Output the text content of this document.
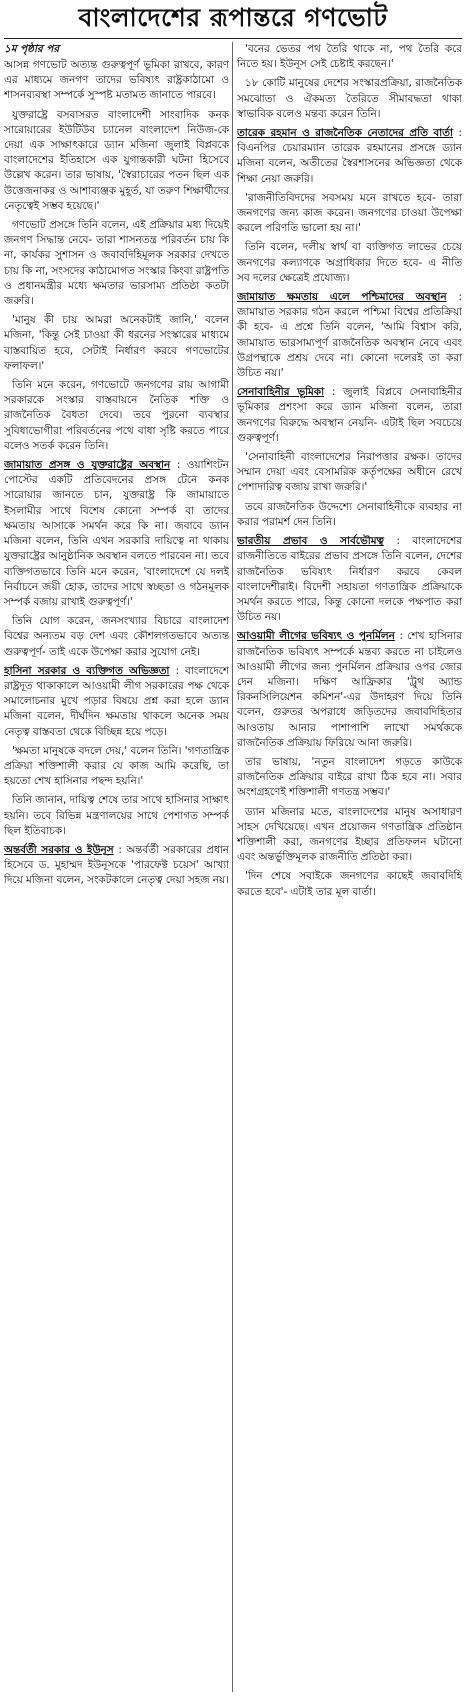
বাংলাদেশের রূপান্তরে গণভোট
১ম পৃষ্ঠার পর

আসন্ন গণভোট অত্যন্ত গুরুত্বপূর্ণ ভূমিকা রাখবে, কারণ এর মাধ্যমে জনগণ তাদের ভবিষ্যৎ রাষ্ট্রকাঠামো ও শাসনব্যবস্থা সম্পর্কে সুস্পষ্ট মতামত জানাতে পারবে।

যুক্তরাষ্ট্রে বসবাসরত বাংলাদেশী সাংবাদিক কনক সারোয়ারের ইউটিউব চ্যানেল বাংলাদেশ নিউজ-কে দেয়া এক সাক্ষাৎকারে ড্যান মজিনা জুলাই বিপ্লবকে বাংলাদেশের ইতিহাসে এক যুগান্তকারী ঘটনা হিসেবে উল্লেখ করেন। তার ভাষায়, 'স্বৈরাচারের পতন ছিল এক উত্তেজনাকর ও আশাব্যঞ্জক মুহূর্ত, যা তরুণ শিক্ষার্থীদের নেতৃত্বেই সম্ভব হয়েছে।'

গণভোট প্রসঙ্গে তিনি বলেন, এই প্রক্রিয়ার মধ্য দিয়েই জনগণ সিদ্ধান্ত নেবে- তারা শাসনতন্ত্র পরিবর্তন চায় কি না, কার্যকর সুশাসন ও জবাবদিহিমূলক সরকার দেখতে চায় কি না, সংসদের কাঠামোগত সংস্কার কিংবা রাষ্ট্রপতি ও প্রধানমন্ত্রীর মধ্যে ক্ষমতার ভারসাম্য প্রতিষ্ঠা কতটা জরুরি।

'মানুষ কী চায় আমরা অনেকটাই জানি,' বলেন মজিনা, 'কিন্তু সেই চাওয়া কী ধরনের সংস্কারের মাধ্যমে বাস্তবায়িত হবে, সেটাই নির্ধারণ করবে গণভোটের ফলাফল।'

তিনি মনে করেন, গণভোটে জনগণের রায় আগামী সরকারকে সংস্কার বাস্তবায়নে নৈতিক শক্তি ও রাজনৈতিক বৈধতা দেবে। তবে পুরনো ব্যবস্থার সুবিধাভোগীরা পরিবর্তনের পথে বাধা সৃষ্টি করতে পারে বলেও সতর্ক করেন তিনি।

জামায়াত প্রসঙ্গ ও যুক্তরাষ্ট্রের অবস্থান : ওয়াশিংটন পোস্টের একটি প্রতিবেদনের প্রসঙ্গ টেনে কনক সারোয়ার জানতে চান, যুক্তরাষ্ট্র কি জামায়াতে ইসলামীর সাথে বিশেষ কোনো সম্পর্ক বা তাদের ক্ষমতায় আসাকে সমর্থন করে কি না। জবাবে ড্যান মজিনা বলেন, তিনি এখন সরকারি দায়িত্বে না থাকায় যুক্তরাষ্ট্রের আনুষ্ঠানিক অবস্থান বলতে পারবেন না। তবে ব্যক্তিগতভাবে তিনি মনে করেন, 'বাংলাদেশে যে দলই নির্বাচনে জয়ী হোক, তাদের সাথে স্বচ্ছতা ও গঠনমূলক সম্পর্ক বজায় রাখাই গুরুত্বপূর্ণ।'

তিনি যোগ করেন, জনসংখ্যার বিচারে বাংলাদেশ বিশ্বের অন্যতম বড় দেশ এবং কৌশলগতভাবে অত্যন্ত গুরুত্বপূর্ণ- তাই একে উপেক্ষা করার সুযোগ নেই।

হাসিনা সরকার ও ব্যক্তিগত অভিজ্ঞতা : বাংলাদেশে রাষ্ট্রদূত থাকাকালে আওয়ামী লীগ সরকারের পক্ষ থেকে সমালোচনার মুখে পড়ার বিষয়ে প্রশ্ন করা হলে ড্যান মজিনা বলেন, দীর্ঘদিন ক্ষমতায় থাকলে অনেক সময় নেতৃত্ব বাস্তবতা থেকে বিচ্ছিন্ন হয়ে পড়ে।

'ক্ষমতা মানুষকে বদলে দেয়,' বলেন তিনি। 'গণতান্ত্রিক প্রক্রিয়া শক্তিশালী করার যে কাজ আমি করেছি, তা হয়তো শেখ হাসিনার পছন্দ হয়নি।'

তিনি জানান, দায়িত্ব শেষে তার সাথে হাসিনার সাক্ষাৎ হয়নি। তবে বিভিন্ন মন্ত্রণালয়ের সাথে পেশাগত সম্পর্ক ছিল ইতিবাচক।

অন্তর্বর্তী সরকার ও ইউনূস : অন্তর্বর্তী সরকারের প্রধান হিসেবে ড. মুহাম্মদ ইউনূসকে 'পারফেক্ট চয়েস' আখ্যা দিয়ে মজিনা বলেন, সংকটকালে নেতৃত্ব দেয়া সহজ নয়।

'বনের ভেতর পথ তৈরি থাকে না, পথ তৈরি করে নিতে হয়। ইউনূস সেই চেষ্টাই করছেন।'

১৮ কোটি মানুষের দেশের সংস্কারপ্রক্রিয়া, রাজনৈতিক সমঝোতা ও ঐকমত্য তৈরিতে সীমাবদ্ধতা থাকা স্বাভাবিক বলেও মন্তব্য করেন তিনি।

তারেক রহমান ও রাজনৈতিক নেতাদের প্রতি বার্তা : বিএনপির চেয়ারম্যান তারেক রহমানের প্রসঙ্গে ড্যান মজিনা বলেন, অতীতের স্বৈরশাসনের অভিজ্ঞতা থেকে শিক্ষা নেয়া জরুরি।

'রাজনীতিবিদদের সবসময় মনে রাখতে হবে- তারা জনগণের জন্য কাজ করেন। জনগণের চাওয়া উপেক্ষা করলে পরিণতি ভালো হয় না।'

তিনি বলেন, দলীয় স্বার্থ বা ব্যক্তিগত লাভের চেয়ে জনগণের কল্যাণকে অগ্রাধিকার দিতে হবে- এ নীতি সব দলের ক্ষেত্রেই প্রযোজ্য।

জামায়াত ক্ষমতায় এলে পশ্চিমাদের অবস্থান : জামায়াত সরকার গঠন করলে পশ্চিমা বিশ্বের প্রতিক্রিয়া কী হবে- এ প্রশ্নে তিনি বলেন, 'আমি বিশ্বাস করি, জামায়াত ভারসাম্যপূর্ণ রাজনৈতিক অবস্থান নেবে এবং উগ্রপন্থাকে প্রশ্রয় দেবে না। কোনো দলেরই তা করা উচিত নয়।'

সেনাবাহিনীর ভূমিকা : জুলাই বিপ্লবে সেনাবাহিনীর ভূমিকার প্রশংসা করে ড্যান মজিনা বলেন, তারা জনগণের বিরুদ্ধে অবস্থান নেয়নি- এটাই ছিল সবচেয়ে গুরুত্বপূর্ণ।

'সেনাবাহিনী বাংলাদেশের নিরাপত্তার রক্ষক। তাদের সম্মান দেয়া এবং বেসামরিক কর্তৃপক্ষের অধীনে রেখে পেশাদারিত্ব বজায় রাখা জরুরি।'

তবে রাজনৈতিক উদ্দেশ্যে সেনাবাহিনীকে ব্যবহার না করার পরামর্শ দেন তিনি।

ভারতীয় প্রভাব ও সার্বভৌমত্ব : বাংলাদেশের রাজনীতিতে বাইরের প্রভাব প্রসঙ্গে তিনি বলেন, দেশের রাজনৈতিক ভবিষ্যৎ নির্ধারণ করবে কেবল বাংলাদেশীরাই। বিদেশী সহায়তা গণতান্ত্রিক প্রক্রিয়াকে সমর্থন করতে পারে, কিন্তু কোনো দলকে পক্ষপাত করা উচিত নয়।

আওয়ামী লীগের ভবিষ্যৎ ও পুনর্মিলন : শেখ হাসিনার রাজনৈতিক ভবিষ্যৎ সম্পর্কে মন্তব্য করতে না চাইলেও আওয়ামী লীগের জন্য পুনর্মিলন প্রক্রিয়ার ওপর জোর দেন মজিনা। দক্ষিণ আফ্রিকার 'ট্রুথ অ্যান্ড রিকনসিলিয়েশন কমিশন'-এর উদাহরণ দিয়ে তিনি বলেন, গুরুতর অপরাধে জড়িতদের জবাবদিহিতার আওতায় আনার পাশাপাশি লাখো সমর্থককে রাজনৈতিক প্রক্রিয়ায় ফিরিয়ে আনা জরুরি।

তার ভাষায়, 'নতুন বাংলাদেশ গড়তে কাউকে রাজনৈতিক প্রক্রিয়ার বাইরে রাখা ঠিক হবে না। সবার অংশগ্রহণেই শক্তিশালী গণতন্ত্র সম্ভব।'

ড্যান মজিনার মতে, বাংলাদেশের মানুষ অসাধারণ সাহস দেখিয়েছে। এখন প্রয়োজন গণতান্ত্রিক প্রতিষ্ঠান শক্তিশালী করা, জনগণের ইচ্ছার প্রতিফলন ঘটানো এবং অন্তর্ভুক্তিমূলক রাজনীতি প্রতিষ্ঠা করা।

'দিন শেষে সবাইকে জনগণের কাছেই জবাবদিহি করতে হবে'- এটাই তার মূল বার্তা।
